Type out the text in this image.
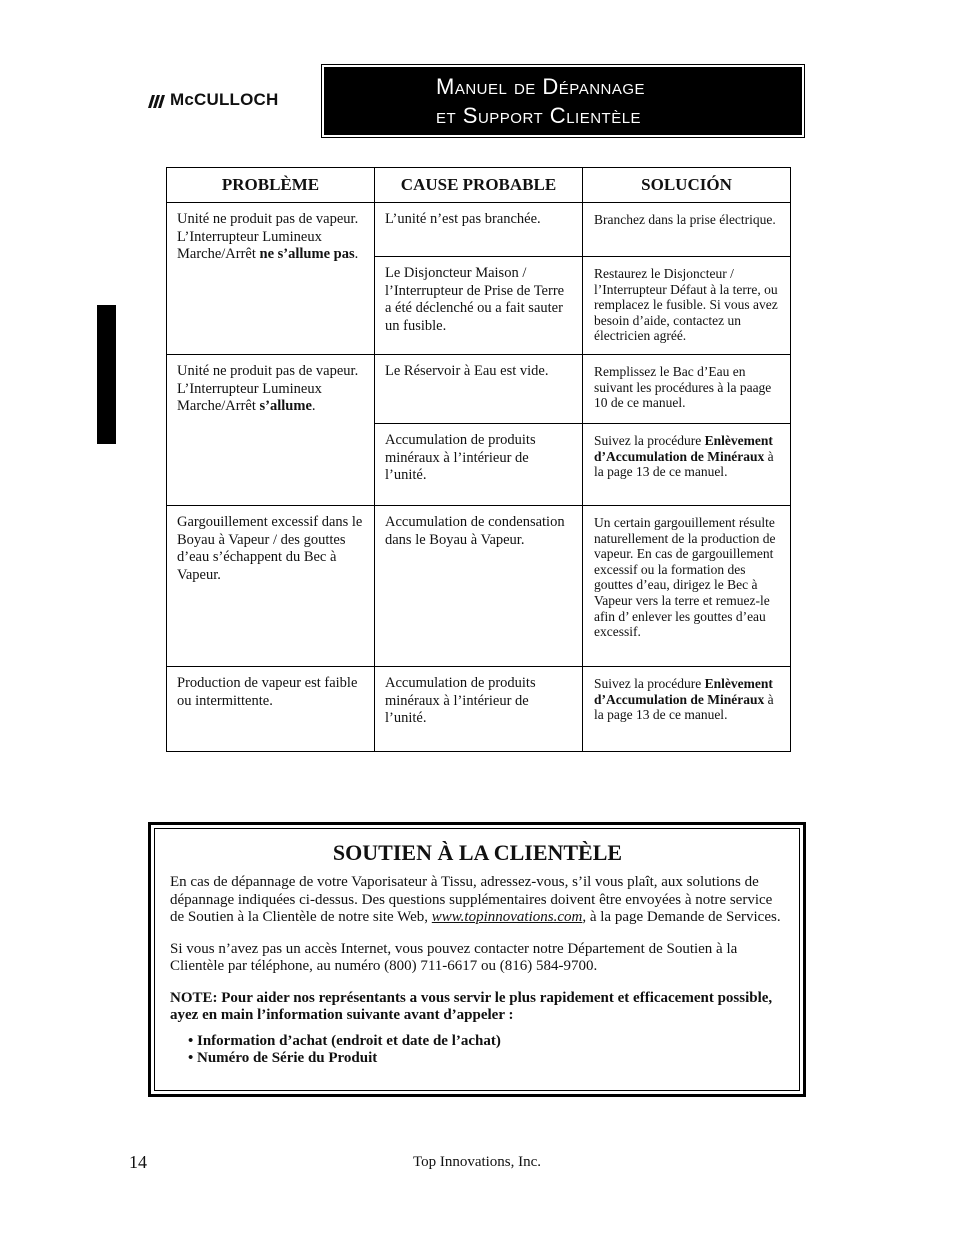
McCULLOCH
Manuel de Dépannage
et Support Clientèle
PROBLÈME	CAUSE PROBABLE	SOLUCIÓN
Unité ne produit pas de vapeur. L’Interrupteur Lumineux Marche/Arrêt ne s’allume pas.	L’unité n’est pas branchée.	Branchez dans la prise électrique.
	Le Disjoncteur Maison / l’Interrupteur de Prise de Terre a été déclenché ou a fait sauter un fusible.	Restaurez le Disjoncteur / l’Interrupteur Défaut à la terre, ou remplacez le fusible. Si vous avez besoin d’aide, contactez un électricien agréé.
Unité ne produit pas de vapeur. L’Interrupteur Lumineux Marche/Arrêt s’allume.	Le Réservoir à Eau est vide.	Remplissez le Bac d’Eau en suivant les procédures à la paage 10 de ce manuel.
	Accumulation de produits minéraux à l’intérieur de l’unité.	Suivez la procédure Enlèvement d’Accumulation de Minéraux à la page 13 de ce manuel.
Gargouillement excessif dans le Boyau à Vapeur / des gouttes d’eau s’échappent du Bec à Vapeur.	Accumulation de condensation dans le Boyau à Vapeur.	Un certain gargouillement résulte naturellement de la production de vapeur. En cas de gargouillement excessif ou la formation des gouttes d’eau, dirigez le Bec à Vapeur vers la terre et remuez-le afin d’ enlever les gouttes d’eau excessif.
Production de vapeur est faible ou intermittente.	Accumulation de produits minéraux à l’intérieur de l’unité.	Suivez la procédure Enlèvement d’Accumulation de Minéraux à la page 13 de ce manuel.
SOUTIEN À LA CLIENTÈLE

En cas de dépannage de votre Vaporisateur à Tissu, adressez-vous, s’il vous plaît, aux solutions de dépannage indiquées ci-dessus. Des questions supplémentaires doivent être envoyées à notre service de Soutien à la Clientèle de notre site Web, www.topinnovations.com, à la page Demande de Services.

Si vous n’avez pas un accès Internet, vous pouvez contacter notre Département de Soutien à la Clientèle par téléphone, au numéro (800) 711-6617 ou (816) 584-9700.

NOTE: Pour aider nos représentants a vous servir le plus rapidement et efficacement possible, ayez en main l’information suivante avant d’appeler :

• Information d’achat (endroit et date de l’achat)
• Numéro de Série du Produit
14	Top Innovations, Inc.
